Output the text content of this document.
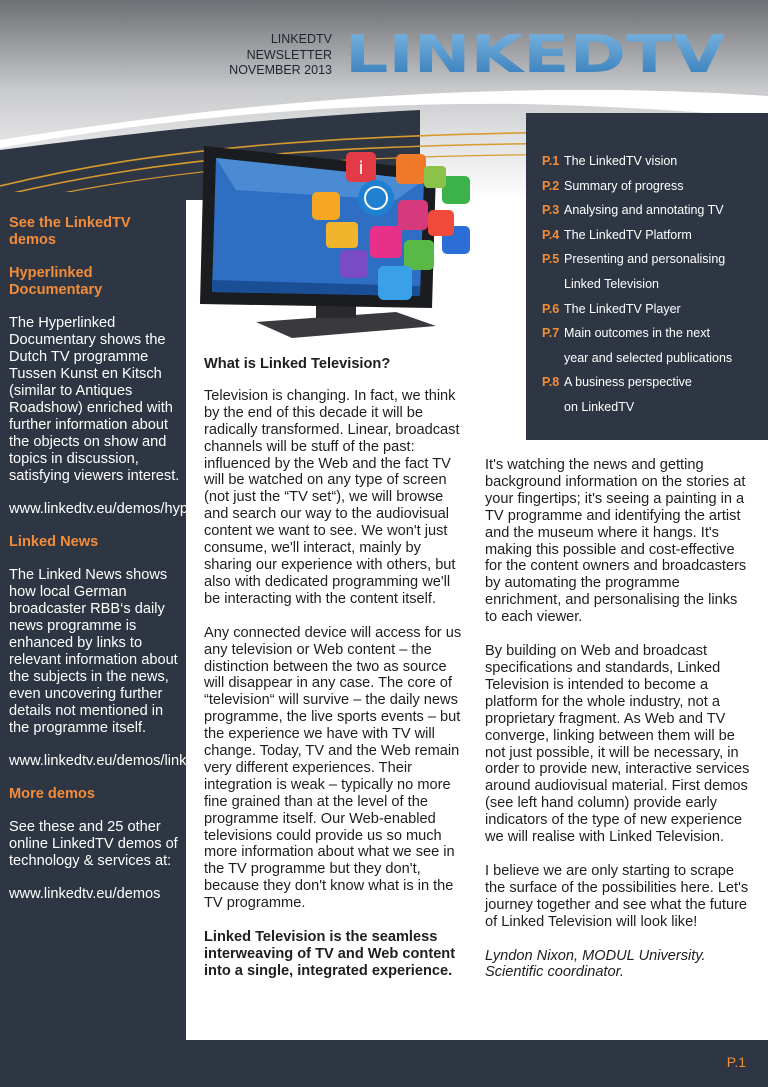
LINKEDTV
NEWSLETTER
NOVEMBER 2013 LINKEDTV

See the LinkedTV demos

Hyperlinked Documentary

The Hyperlinked Documentary shows the Dutch TV programme Tussen Kunst en Kitsch (similar to Antiques Roadshow) enriched with further information about the objects on show and topics in discussion, satisfying viewers interest.

www.linkedtv.eu/demos/hyperlinkeddocu

Linked News

The Linked News shows how local German broadcaster RBB‘s daily news programme is enhanced by links to relevant information about the subjects in the news, even uncovering further details not mentioned in the programme itself.

www.linkedtv.eu/demos/linkednews

More demos

See these and 25 other online LinkedTV demos of technology & services at:

www.linkedtv.eu/demos

i	P.1 The LinkedTV vision
P.2 Summary of progress
P.3 Analysing and annotating TV
P.4 The LinkedTV Platform
P.5 Presenting and personalising
Linked Television
P.6 The LinkedTV Player
P.7 Main outcomes in the next
year and selected publications
P.8 A business perspective
on LinkedTV

What is Linked Television?

Television is changing. In fact, we think by the end of this decade it will be radically transformed. Linear, broadcast channels will be stuff of the past: influenced by the Web and the fact TV will be watched on any type of screen (not just the “TV set“), we will browse and search our way to the audiovisual content we want to see. We won't just consume, we'll interact, mainly by sharing our experience with others, but also with dedicated programming we'll be interacting with the content itself.

Any connected device will access for us any television or Web content – the distinction between the two as source will disappear in any case. The core of “television“ will survive – the daily news programme, the live sports events – but the experience we have with TV will change. Today, TV and the Web remain very different experiences. Their integration is weak – typically no more fine grained than at the level of the programme itself. Our Web-enabled televisions could provide us so much more information about what we see in the TV programme but they don't, because they don't know what is in the TV programme.

Linked Television is the seamless interweaving of TV and Web content into a single, integrated experience.

It's watching the news and getting background information on the stories at your fingertips; it's seeing a painting in a TV programme and identifying the artist and the museum where it hangs. It's making this possible and cost-effective for the content owners and broadcasters by automating the programme enrichment, and personalising the links to each viewer.

By building on Web and broadcast specifications and standards, Linked Television is intended to become a platform for the whole industry, not a proprietary fragment. As Web and TV converge, linking between them will be not just possible, it will be necessary, in order to provide new, interactive services around audiovisual material. First demos (see left hand column) provide early indicators of the type of new experience we will realise with Linked Television.

I believe we are only starting to scrape the surface of the possibilities here. Let's journey together and see what the future of Linked Television will look like!

Lyndon Nixon, MODUL University. Scientific coordinator.

P.1
